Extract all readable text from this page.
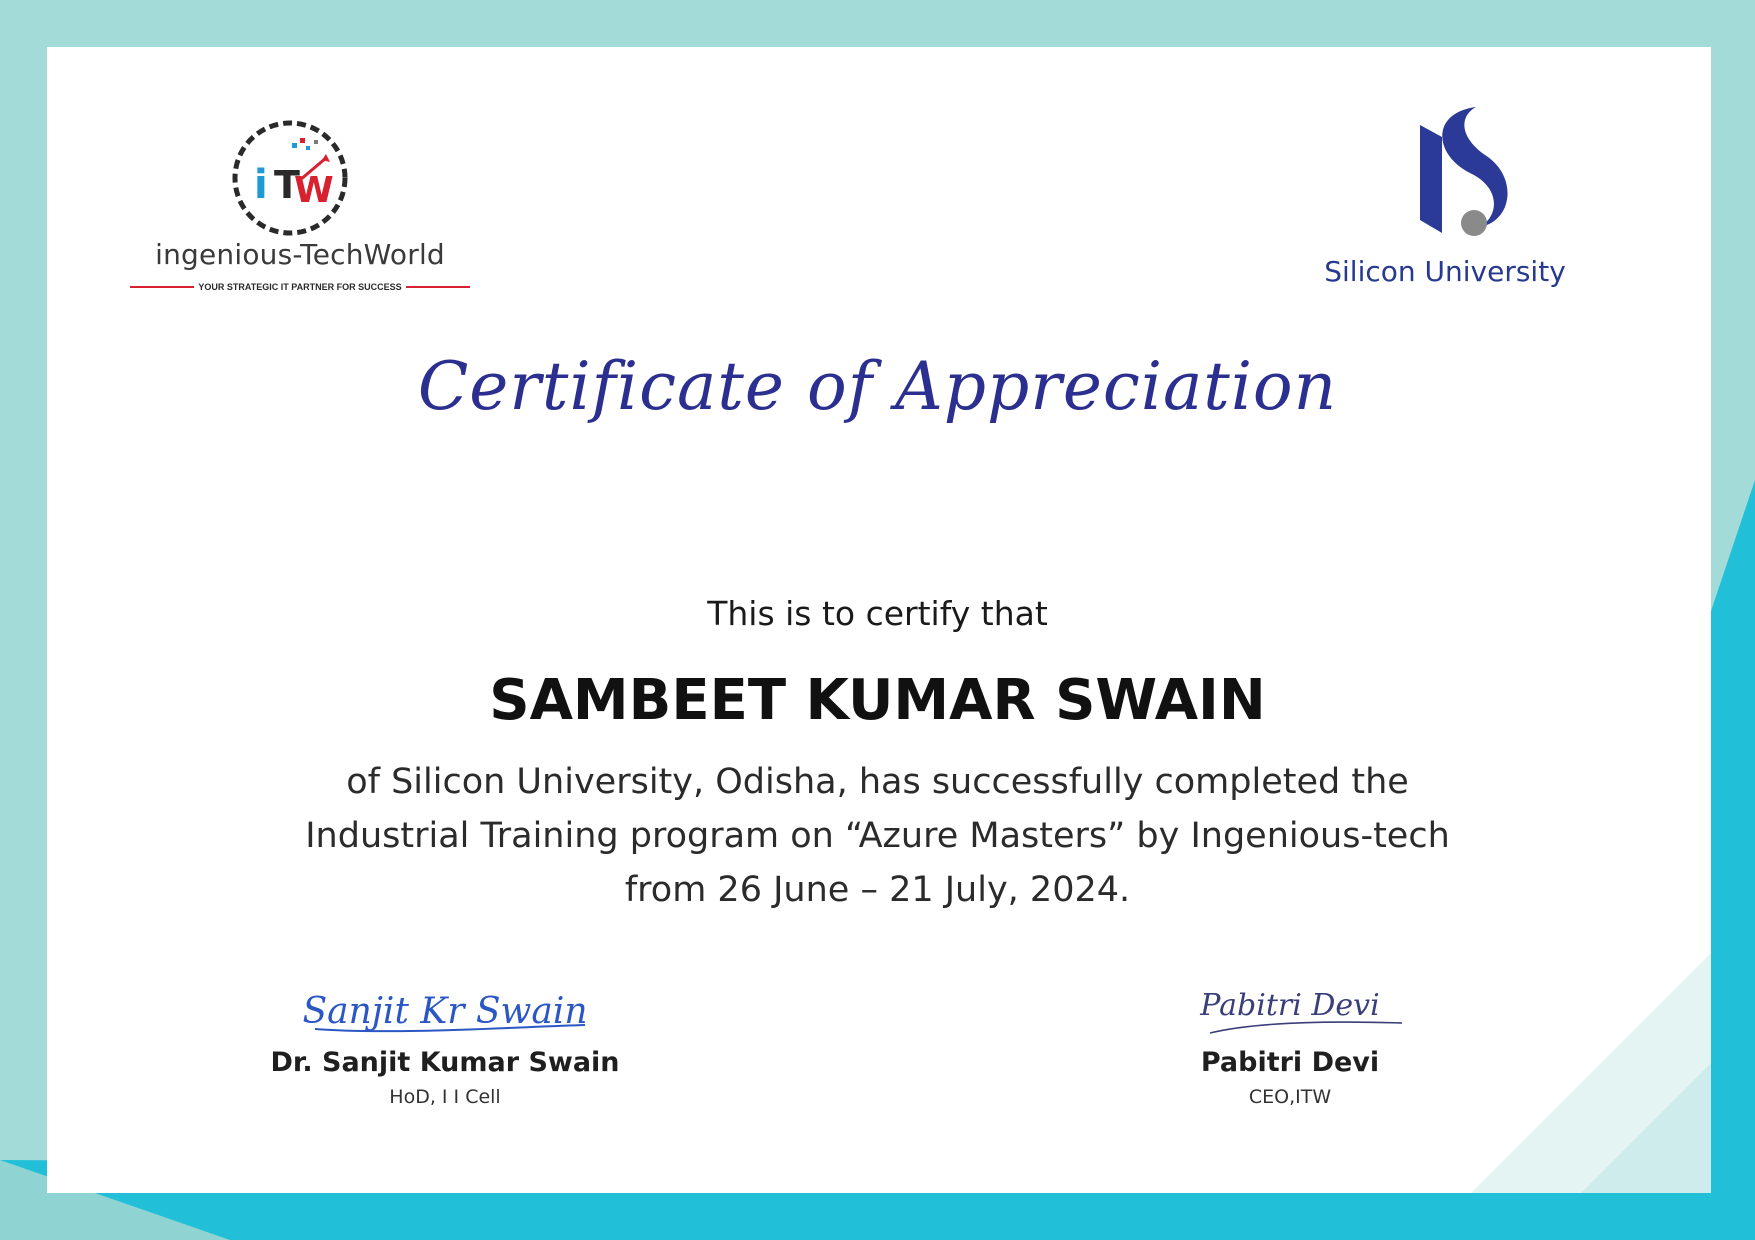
i T
W
ingenious-TechWorld
YOUR STRATEGIC IT PARTNER FOR SUCCESS	Silicon University
Certificate of Appreciation
This is to certify that
SAMBEET KUMAR SWAIN
of Silicon University, Odisha, has successfully completed the
Industrial Training program on “Azure Masters” by Ingenious-tech
from 26 June – 21 July, 2024.
Sanjit Kr Swain
Dr. Sanjit Kumar Swain
HoD, I I Cell
Pabitri Devi
Pabitri Devi
CEO,ITW
